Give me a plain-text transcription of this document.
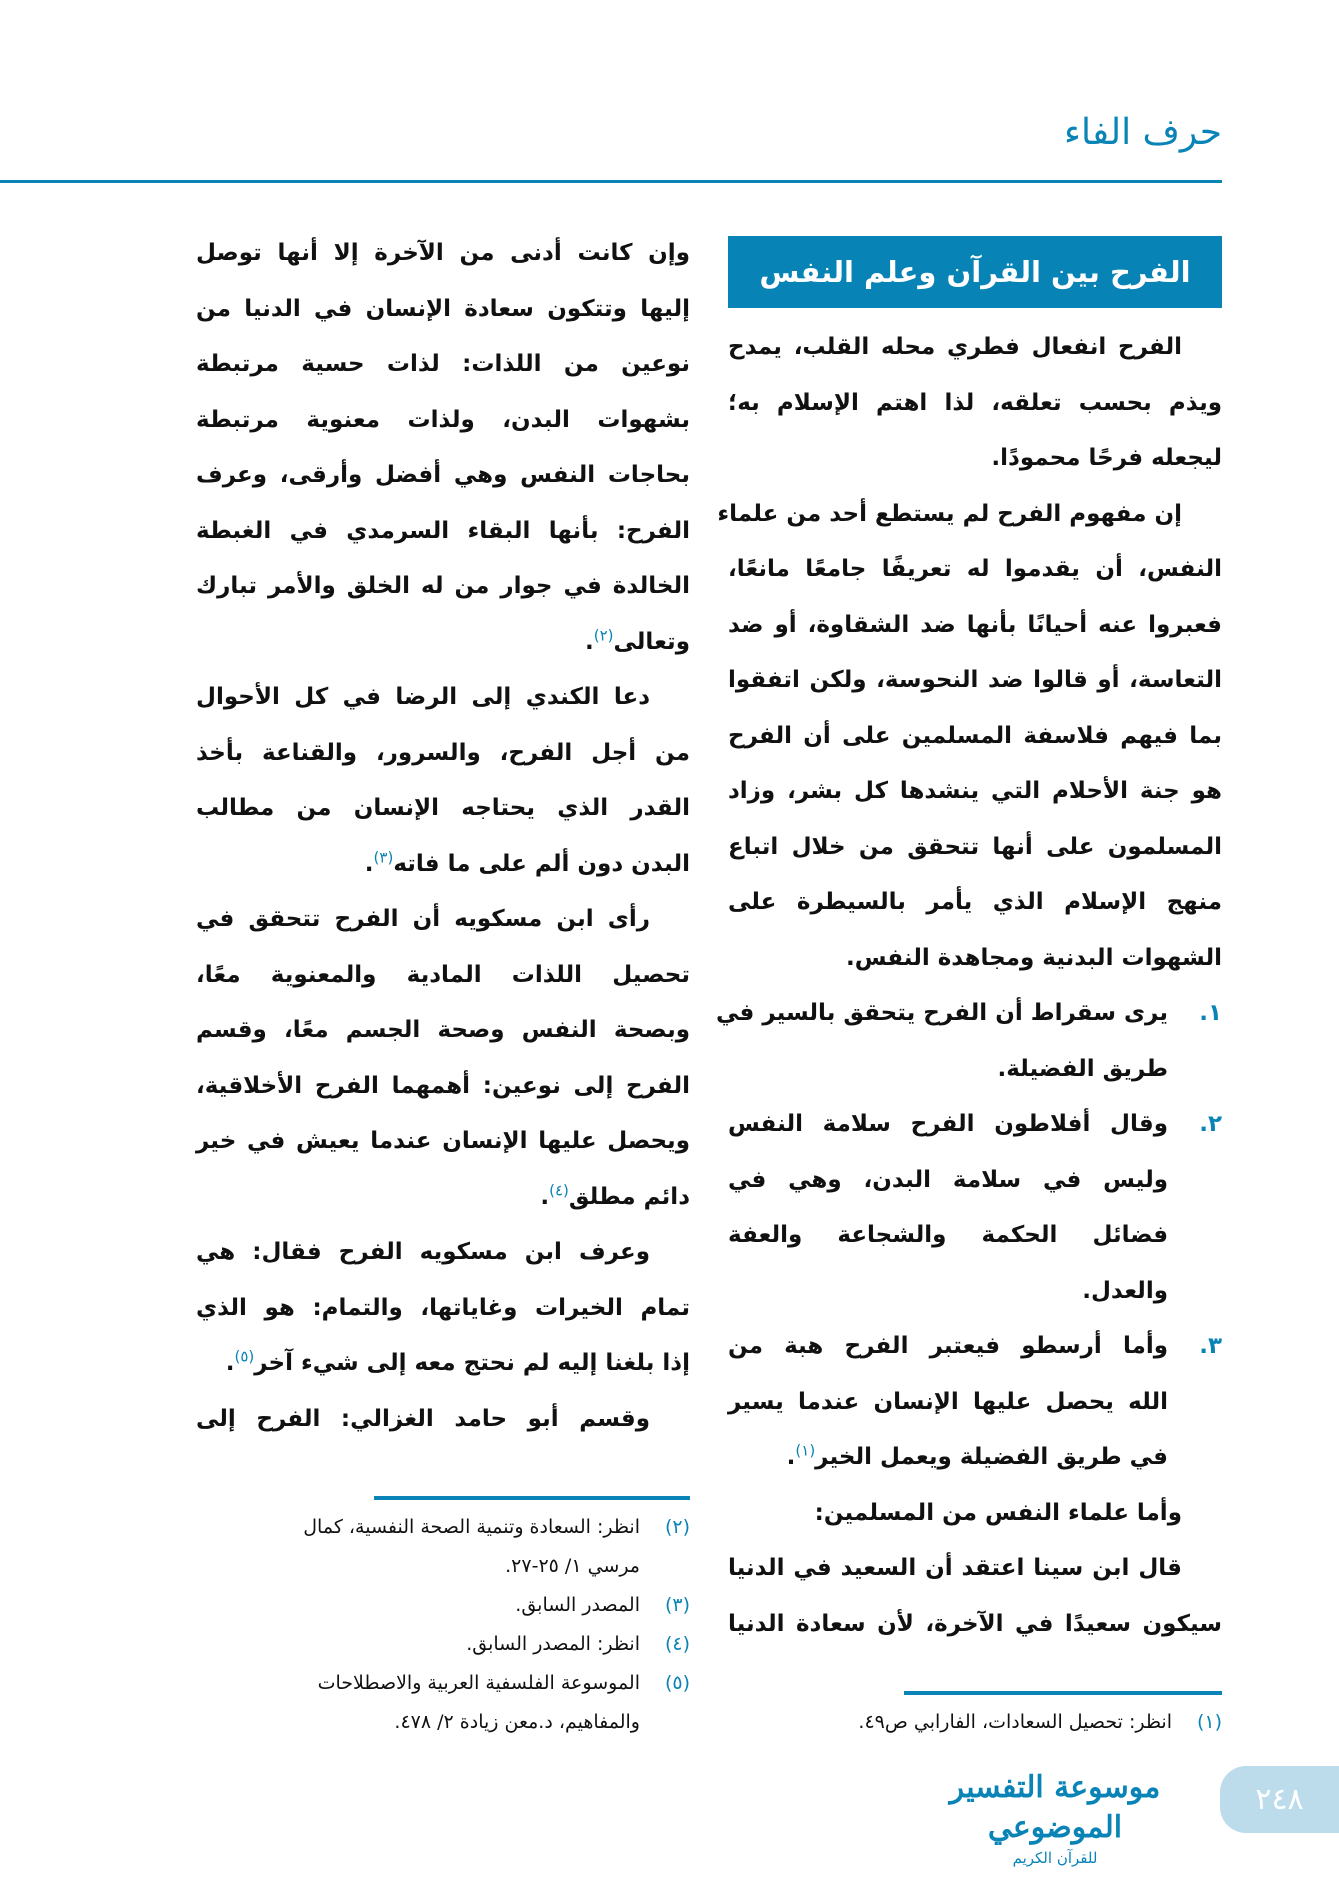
حرف الفاء
الفرح بين القرآن وعلم النفس
الفرح انفعال فطري محله القلب، يمدح
ويذم بحسب تعلقه، لذا اهتم الإسلام به؛
ليجعله فرحًا محمودًا.
إن مفهوم الفرح لم يستطع أحد من علماء
النفس، أن يقدموا له تعريفًا جامعًا مانعًا،
فعبروا عنه أحيانًا بأنها ضد الشقاوة، أو ضد
التعاسة، أو قالوا ضد النحوسة، ولكن اتفقوا
بما فيهم فلاسفة المسلمين على أن الفرح
هو جنة الأحلام التي ينشدها كل بشر، وزاد
المسلمون على أنها تتحقق من خلال اتباع
منهج الإسلام الذي يأمر بالسيطرة على
الشهوات البدنية ومجاهدة النفس.
يرى سقراط أن الفرح يتحقق بالسير في ١.
طريق الفضيلة.
وقال أفلاطون الفرح سلامة النفس ٢.
وليس في سلامة البدن، وهي في
فضائل الحكمة والشجاعة والعفة
والعدل.
وأما أرسطو فيعتبر الفرح هبة من ٣.
الله يحصل عليها الإنسان عندما يسير
في طريق الفضيلة ويعمل الخير$^{(١)}$.
وأما علماء النفس من المسلمين:
قال ابن سينا اعتقد أن السعيد في الدنيا
سيكون سعيدًا في الآخرة، لأن سعادة الدنيا
وإن كانت أدنى من الآخرة إلا أنها توصل
إليها وتتكون سعادة الإنسان في الدنيا من
نوعين من اللذات: لذات حسية مرتبطة
بشهوات البدن، ولذات معنوية مرتبطة
بحاجات النفس وهي أفضل وأرقى، وعرف
الفرح: بأنها البقاء السرمدي في الغبطة
الخالدة في جوار من له الخلق والأمر تبارك
وتعالى$^{(٢)}$.
دعا الكندي إلى الرضا في كل الأحوال
من أجل الفرح، والسرور، والقناعة بأخذ
القدر الذي يحتاجه الإنسان من مطالب
البدن دون ألم على ما فاته$^{(٣)}$.
رأى ابن مسكويه أن الفرح تتحقق في
تحصيل اللذات المادية والمعنوية معًا،
وبصحة النفس وصحة الجسم معًا، وقسم
الفرح إلى نوعين: أهمهما الفرح الأخلاقية،
ويحصل عليها الإنسان عندما يعيش في خير
دائم مطلق$^{(٤)}$.
وعرف ابن مسكويه الفرح فقال: هي
تمام الخيرات وغاياتها، والتمام: هو الذي
إذا بلغنا إليه لم نحتج معه إلى شيء آخر$^{(٥)}$.
وقسم أبو حامد الغزالي: الفرح إلى
(٢)
انظر: السعادة وتنمية الصحة النفسية، كمال
مرسي ١/ ٢٥-٢٧.
(٣)
المصدر السابق.
(٤)
انظر: المصدر السابق.
(٥)
الموسوعة الفلسفية العربية والاصطلاحات
والمفاهيم، د.معن زيادة ٢/ ٤٧٨.	(١)
انظر: تحصيل السعادات، الفارابي ص٤٩.
موسوعة التفسير الموضوعي
للقرآن الكريم
٢٤٨
